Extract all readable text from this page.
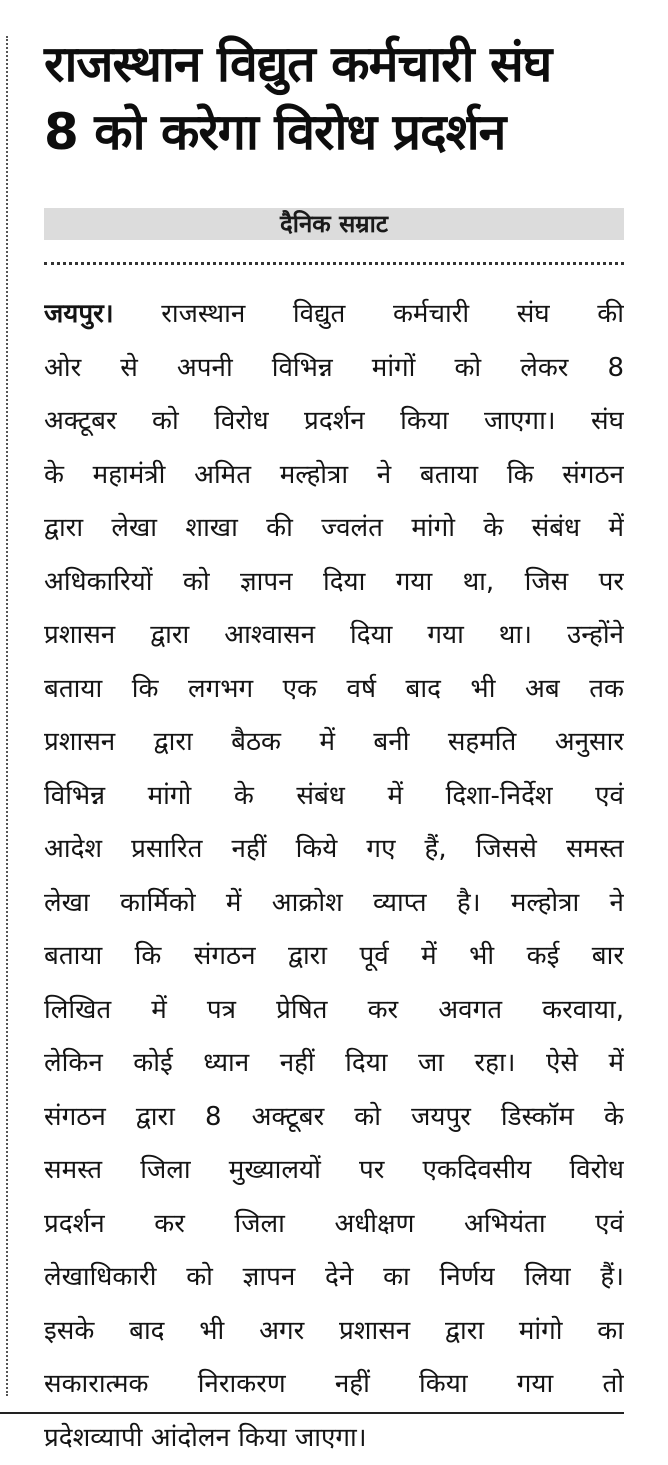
राजस्थान विद्युत कर्मचारी संघ
8 को करेगा विरोध प्रदर्शन
दैनिक सम्राट
जयपुर। राजस्थान विद्युत कर्मचारी संघ की
ओर से अपनी विभिन्न मांगों को लेकर 8
अक्टूबर को विरोध प्रदर्शन किया जाएगा। संघ
के महामंत्री अमित मल्होत्रा ने बताया कि संगठन
द्वारा लेखा शाखा की ज्वलंत मांगो के संबंध में
अधिकारियों को ज्ञापन दिया गया था, जिस पर
प्रशासन द्वारा आश्वासन दिया गया था। उन्होंने
बताया कि लगभग एक वर्ष बाद भी अब तक
प्रशासन द्वारा बैठक में बनी सहमति अनुसार
विभिन्न मांगो के संबंध में दिशा-निर्देश एवं
आदेश प्रसारित नहीं किये गए हैं, जिससे समस्त
लेखा कार्मिको में आक्रोश व्याप्त है। मल्होत्रा ने
बताया कि संगठन द्वारा पूर्व में भी कई बार
लिखित में पत्र प्रेषित कर अवगत करवाया,
लेकिन कोई ध्यान नहीं दिया जा रहा। ऐसे में
संगठन द्वारा 8 अक्टूबर को जयपुर डिस्कॉम के
समस्त जिला मुख्यालयों पर एकदिवसीय विरोध
प्रदर्शन कर जिला अधीक्षण अभियंता एवं
लेखाधिकारी को ज्ञापन देने का निर्णय लिया हैं।
इसके बाद भी अगर प्रशासन द्वारा मांगो का
सकारात्मक निराकरण नहीं किया गया तो
प्रदेशव्यापी आंदोलन किया जाएगा।
